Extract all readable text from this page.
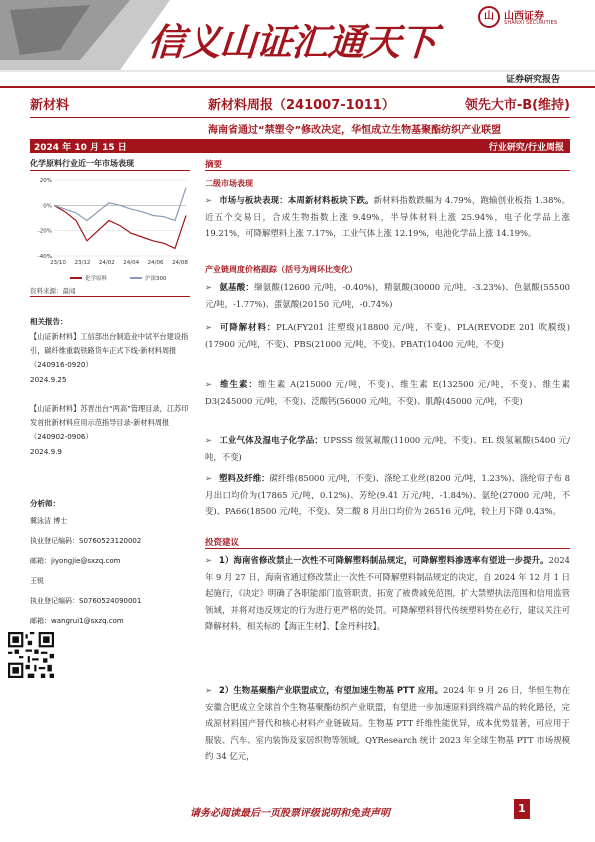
信义山证汇通天下
山	山西证券
SHANXI SECURITIES
证券研究报告
新材料	新材料周报（241007-1011）	领先大市-B(维持)
海南省通过“禁塑令”修改决定，华恒成立生物基聚酯纺织产业联盟
2024 年 10 月 15 日	行业研究/行业周报
化学原料行业近一年市场表现
20%
0%
-20%
-40%
23/10 23/12 24/02 24/04 24/06 24/08
化学原料	沪深300
资料来源：最闻
相关报告：
【山证新材料】工信部出台制造业中试平台建设指引，碳纤维重载铁路货车正式下线-新材料周报（240916-0920）
2024.9.25
【山证新材料】苏晋出台“两高”管理目录，江苏印发首批新材料应用示范指导目录-新材料周报（240902-0906）
2024.9.9
分析师：
冀泳洁 博士
执业登记编码：S0760523120002
邮箱：jiyongjie@sxzq.com
王锐
执业登记编码：S0760524090001
邮箱：wangrui1@sxzq.com
摘要
二级市场表现
➢ 市场与板块表现：本周新材料板块下跌。新材料指数跌幅为 4.79%，跑输创业板指 1.38%。近五个交易日，合成生物指数上涨 9.49%，半导体材料上涨 25.94%，电子化学品上涨 19.21%，可降解塑料上涨 7.17%，工业气体上涨 12.19%，电池化学品上涨 14.19%。
产业链周度价格跟踪（括号为周环比变化）
➢ 氨基酸：缬氨酸(12600 元/吨，-0.40%)，精氨酸(30000 元/吨，-3.23%)、色氨酸(55500 元/吨，-1.77%)、蛋氨酸(20150 元/吨，-0.74%)
➢ 可降解材料：PLA(FY201 注塑级)(18800 元/吨，不变)、PLA(REVODE 201 吹膜级)(17900 元/吨，不变)、PBS(21000 元/吨，不变)、PBAT(10400 元/吨，不变)
➢ 维生素：维生素 A(215000 元/吨，不变)、维生素 E(132500 元/吨，不变)、维生素 D3(245000 元/吨，不变)、泛酸钙(56000 元/吨，不变)、肌醇(45000 元/吨，不变)
➢ 工业气体及湿电子化学品：UPSSS 级氢氟酸(11000 元/吨，不变)、EL 级氢氟酸(5400 元/吨，不变)
➢ 塑料及纤维：碳纤维(85000 元/吨，不变)、涤纶工业丝(8200 元/吨，1.23%)、涤纶帘子布 8 月出口均价为(17865 元/吨，0.12%)、芳纶(9.41 万元/吨，-1.84%)、氨纶(27000 元/吨，不变)、PA66(18500 元/吨，不变)、癸二酸 8 月出口均价为 26516 元/吨，较上月下降 0.43%。
投资建议
➢ 1）海南省修改禁止一次性不可降解塑料制品规定，可降解塑料渗透率有望进一步提升。2024 年 9 月 27 日，海南省通过修改禁止一次性不可降解塑料制品规定的决定，自 2024 年 12 月 1 日起施行，《决定》明确了各职能部门监管职责，拓宽了被费减免范围，扩大禁塑执法范围和信用监管领域，并将对违反规定的行为进行更严格的处罚。可降解塑料替代传统塑料势在必行，建议关注可降解材料，相关标的【海正生材】、【金丹科技】。
➢ 2）生物基聚酯产业联盟成立，有望加速生物基 PTT 应用。2024 年 9 月 26 日，华恒生物在安徽合肥成立全球首个生物基聚酯纺织产业联盟，有望进一步加速原料到终端产品的转化路径，完成原材料国产替代和核心材料产业链破局。生物基 PTT 纤维性能优异，成本优势显著，可应用于服装、汽车、室内装饰及家居织物等领域。QYResearch 统计 2023 年全球生物基 PTT 市场规模约 34 亿元，
请务必阅读最后一页股票评级说明和免责声明	1
